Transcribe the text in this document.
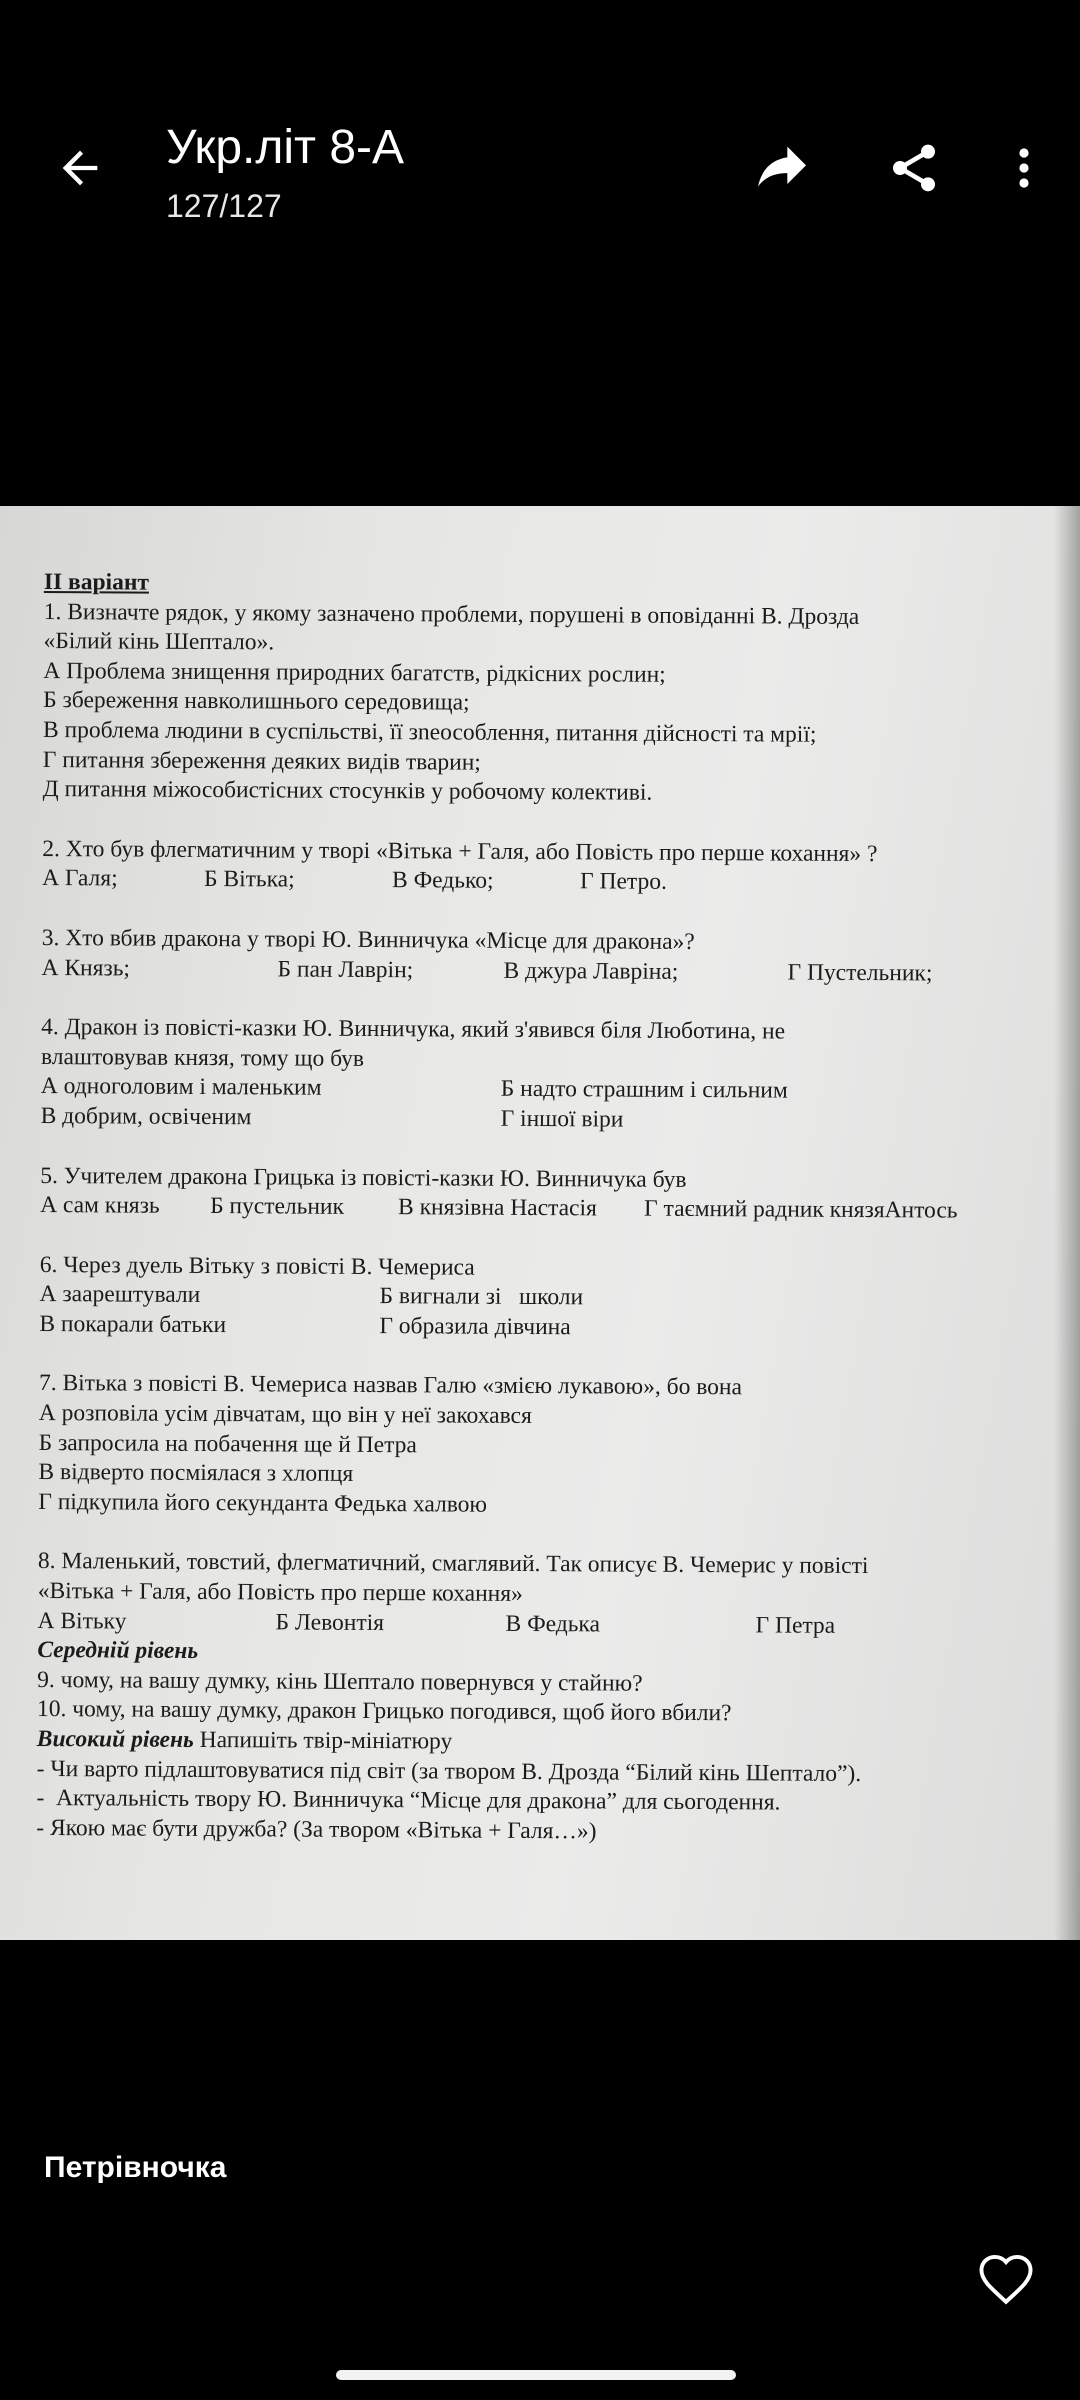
Укр.літ 8-А
127/127
ІІ варіант
1. Визначте рядок, у якому зазначено проблеми, порушені в оповіданні В. Дрозда
«Білий кінь Шептало».
А Проблема знищення природних багатств, рідкісних рослин;
Б збереження навколишнього середовища;
В проблема людини в суспільстві, її зneособлення, питання дійсності та мрії;
Г питання збереження деяких видів тварин;
Д питання міжособистісних стосунків у робочому колективі.
2. Хто був флегматичним у творі «Вітька + Галя, або Повість про перше кохання» ?
А Галя;	Б Вітька;	В Федько;	Г Петро.
3. Хто вбив дракона у творі Ю. Винничука «Місце для дракона»?
А Князь;	Б пан Лаврін;	В джура Лавріна;	Г Пустельник;
4. Дракон із повісті-казки Ю. Винничука, який з'явився біля Люботина, не
влаштовував князя, тому що був
А одноголовим і маленьким	Б надто страшним і сильним
В добрим, освіченим	Г іншої віри
5. Учителем дракона Грицька із повісті-казки Ю. Винничука був
А сам князь	Б пустельник	В князівна Настасія	Г таємний радник князяАнтось
6. Через дуель Вітьку з повісті В. Чемериса
А заарештували	Б вигнали зі   школи
В покарали батьки	Г образила дівчина
7. Вітька з повісті В. Чемериса назвав Галю «змією лукавою», бо вона
А розповіла усім дівчатам, що він у неї закохався
Б запросила на побачення ще й Петра
В відверто посміялася з хлопця
Г підкупила його секунданта Федька халвою
8. Маленький, товстий, флегматичний, смаглявий. Так описує В. Чемерис у повісті
«Вітька + Галя, або Повість про перше кохання»
А Вітьку	Б Левонтія	В Федька	Г Петра
Середній рівень
9. чому, на вашу думку, кінь Шептало повернувся у стайню?
10. чому, на вашу думку, дракон Грицько погодився, щоб його вбили?
Високий рівень Напишіть твір-мініатюру
- Чи варто підлаштовуватися під світ (за твором В. Дрозда “Білий кінь Шептало”).
-  Актуальність твору Ю. Винничука “Місце для дракона” для сьогодення.
- Якою має бути дружба? (За твором «Вітька + Галя…»)
Петрівночка
